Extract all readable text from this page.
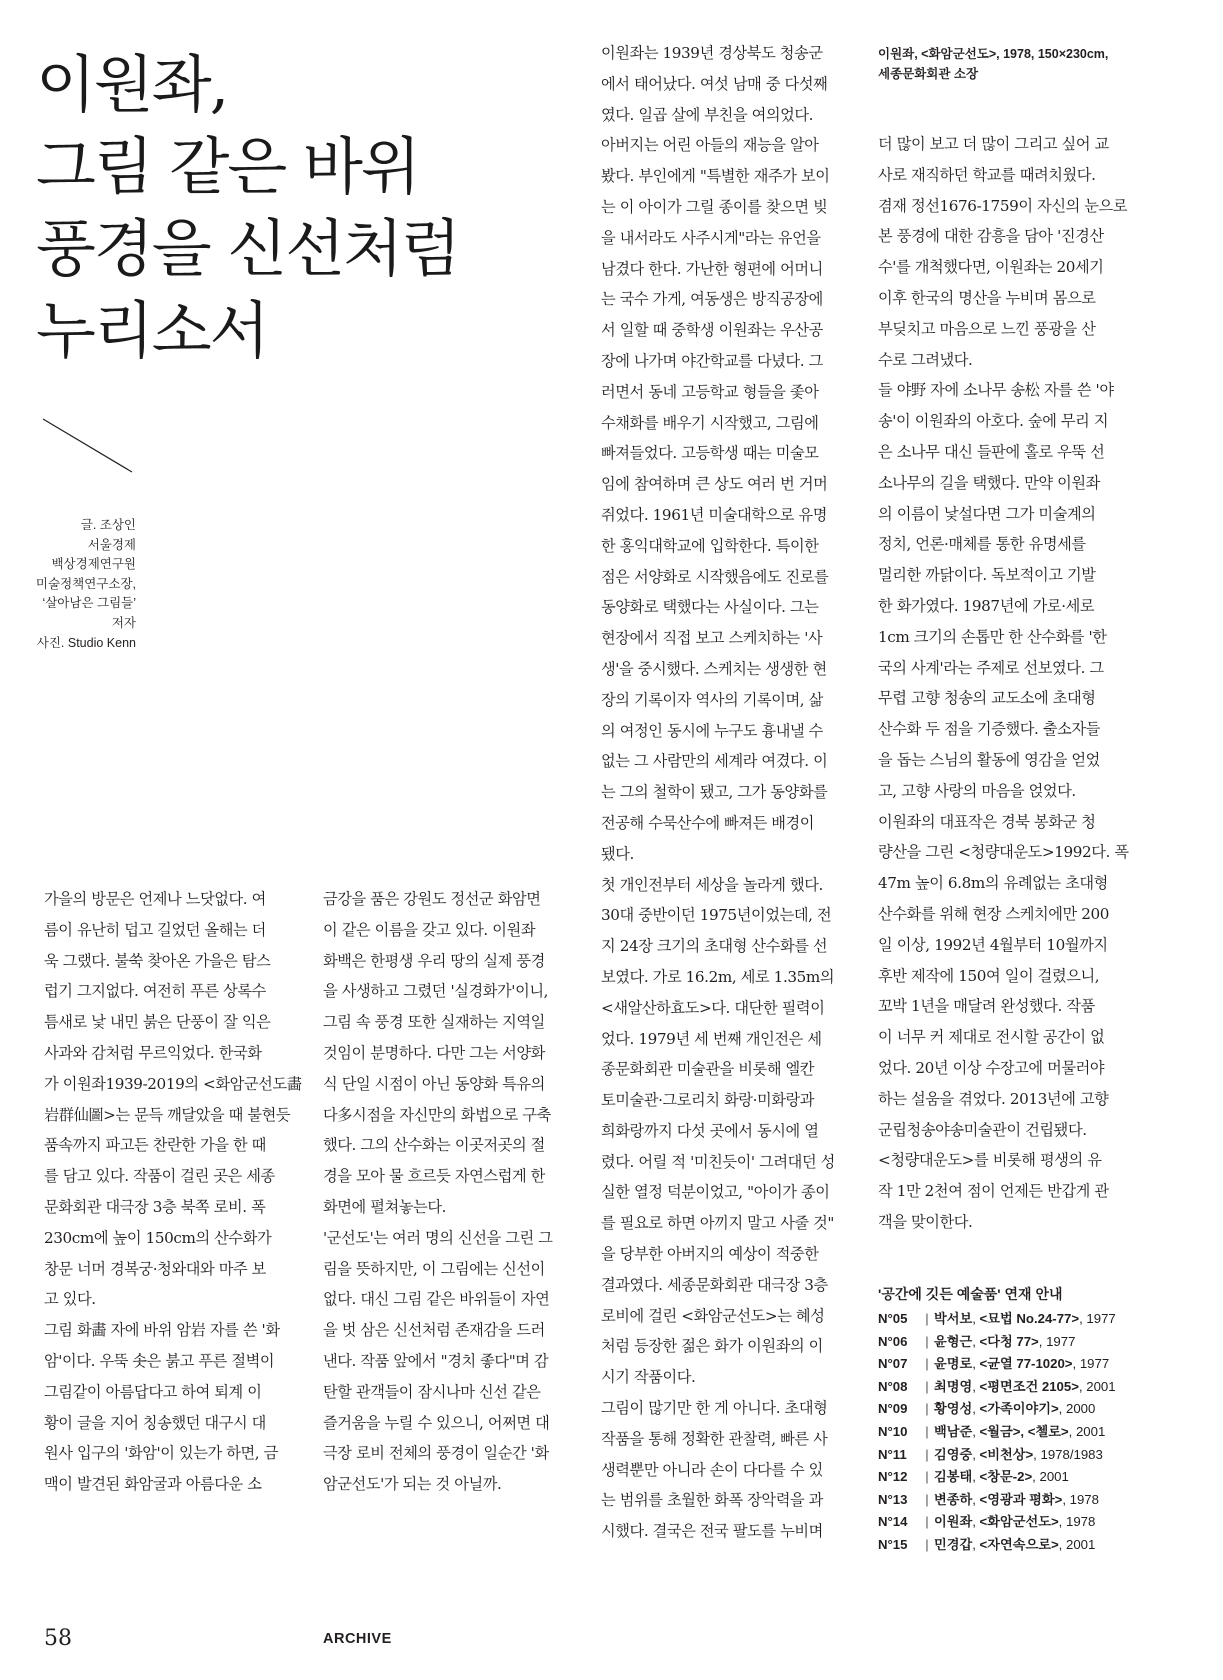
이원좌,
그림 같은 바위
풍경을 신선처럼
누리소서
글. 조상인
서울경제
백상경제연구원
미술정책연구소장,
‘살아남은 그림들’
저자
사진. Studio Kenn
이원좌, <화암군선도>, 1978, 150×230cm,
세종문화회관 소장
가을의 방문은 언제나 느닷없다. 여
름이 유난히 덥고 길었던 올해는 더
욱 그랬다. 불쑥 찾아온 가을은 탐스
럽기 그지없다. 여전히 푸른 상록수
틈새로 낯 내민 붉은 단풍이 잘 익은
사과와 감처럼 무르익었다. 한국화
가 이원좌1939-2019의 <화암군선도畵
岩群仙圖>는 문득 깨달았을 때 불현듯
품속까지 파고든 찬란한 가을 한 때
를 담고 있다. 작품이 걸린 곳은 세종
문화회관 대극장 3층 북쪽 로비. 폭
230cm에 높이 150cm의 산수화가
창문 너머 경복궁·청와대와 마주 보
고 있다.
그림 화畵 자에 바위 암岩 자를 쓴 '화
암'이다. 우뚝 솟은 붉고 푸른 절벽이
그림같이 아름답다고 하여 퇴계 이
황이 글을 지어 칭송했던 대구시 대
원사 입구의 '화암'이 있는가 하면, 금
맥이 발견된 화암굴과 아름다운 소
금강을 품은 강원도 정선군 화암면
이 같은 이름을 갖고 있다. 이원좌
화백은 한평생 우리 땅의 실제 풍경
을 사생하고 그렸던 '실경화가'이니,
그림 속 풍경 또한 실재하는 지역일
것임이 분명하다. 다만 그는 서양화
식 단일 시점이 아닌 동양화 특유의
다多시점을 자신만의 화법으로 구축
했다. 그의 산수화는 이곳저곳의 절
경을 모아 물 흐르듯 자연스럽게 한
화면에 펼쳐놓는다.
'군선도'는 여러 명의 신선을 그린 그
림을 뜻하지만, 이 그림에는 신선이
없다. 대신 그림 같은 바위들이 자연
을 벗 삼은 신선처럼 존재감을 드러
낸다. 작품 앞에서 "경치 좋다"며 감
탄할 관객들이 잠시나마 신선 같은
즐거움을 누릴 수 있으니, 어쩌면 대
극장 로비 전체의 풍경이 일순간 '화
암군선도'가 되는 것 아닐까.
이원좌는 1939년 경상북도 청송군
에서 태어났다. 여섯 남매 중 다섯째
였다. 일곱 살에 부친을 여의었다.
아버지는 어린 아들의 재능을 알아
봤다. 부인에게 "특별한 재주가 보이
는 이 아이가 그릴 종이를 찾으면 빚
을 내서라도 사주시게"라는 유언을
남겼다 한다. 가난한 형편에 어머니
는 국수 가게, 여동생은 방직공장에
서 일할 때 중학생 이원좌는 우산공
장에 나가며 야간학교를 다녔다. 그
러면서 동네 고등학교 형들을 좇아
수채화를 배우기 시작했고, 그림에
빠져들었다. 고등학생 때는 미술모
임에 참여하며 큰 상도 여러 번 거머
쥐었다. 1961년 미술대학으로 유명
한 홍익대학교에 입학한다. 특이한
점은 서양화로 시작했음에도 진로를
동양화로 택했다는 사실이다. 그는
현장에서 직접 보고 스케치하는 '사
생'을 중시했다. 스케치는 생생한 현
장의 기록이자 역사의 기록이며, 삶
의 여정인 동시에 누구도 흉내낼 수
없는 그 사람만의 세계라 여겼다. 이
는 그의 철학이 됐고, 그가 동양화를
전공해 수묵산수에 빠져든 배경이
됐다.
첫 개인전부터 세상을 놀라게 했다.
30대 중반이던 1975년이었는데, 전
지 24장 크기의 초대형 산수화를 선
보였다. 가로 16.2m, 세로 1.35m의
<새알산하효도>다. 대단한 필력이
었다. 1979년 세 번째 개인전은 세
종문화회관 미술관을 비롯해 엘칸
토미술관·그로리치 화랑·미화랑과
희화랑까지 다섯 곳에서 동시에 열
렸다. 어릴 적 '미친듯이' 그려대던 성
실한 열정 덕분이었고, "아이가 종이
를 필요로 하면 아끼지 말고 사줄 것"
을 당부한 아버지의 예상이 적중한
결과였다. 세종문화회관 대극장 3층
로비에 걸린 <화암군선도>는 혜성
처럼 등장한 젊은 화가 이원좌의 이
시기 작품이다.
그림이 많기만 한 게 아니다. 초대형
작품을 통해 정확한 관찰력, 빠른 사
생력뿐만 아니라 손이 다다를 수 있
는 범위를 초월한 화폭 장악력을 과
시했다. 결국은 전국 팔도를 누비며
더 많이 보고 더 많이 그리고 싶어 교
사로 재직하던 학교를 때려치웠다.
겸재 정선1676-1759이 자신의 눈으로
본 풍경에 대한 감흥을 담아 '진경산
수'를 개척했다면, 이원좌는 20세기
이후 한국의 명산을 누비며 몸으로
부딪치고 마음으로 느낀 풍광을 산
수로 그려냈다.
들 야野 자에 소나무 송松 자를 쓴 '야
송'이 이원좌의 아호다. 숲에 무리 지
은 소나무 대신 들판에 홀로 우뚝 선
소나무의 길을 택했다. 만약 이원좌
의 이름이 낯설다면 그가 미술계의
정치, 언론·매체를 통한 유명세를
멀리한 까닭이다. 독보적이고 기발
한 화가였다. 1987년에 가로·세로
1cm 크기의 손톱만 한 산수화를 '한
국의 사계'라는 주제로 선보였다. 그
무렵 고향 청송의 교도소에 초대형
산수화 두 점을 기증했다. 출소자들
을 돕는 스님의 활동에 영감을 얻었
고, 고향 사랑의 마음을 얹었다.
이원좌의 대표작은 경북 봉화군 청
량산을 그린 <청량대운도>1992다. 폭
47m 높이 6.8m의 유례없는 초대형
산수화를 위해 현장 스케치에만 200
일 이상, 1992년 4월부터 10월까지
후반 제작에 150여 일이 걸렸으니,
꼬박 1년을 매달려 완성했다. 작품
이 너무 커 제대로 전시할 공간이 없
었다. 20년 이상 수장고에 머물러야
하는 설움을 겪었다. 2013년에 고향
군립청송야송미술관이 건립됐다.
<청량대운도>를 비롯해 평생의 유
작 1만 2천여 점이 언제든 반갑게 관
객을 맞이한다.
'공간에 깃든 예술품' 연재 안내
N°05 | 박서보, <묘법 No.24-77>, 1977
N°06 | 윤형근, <다청 77>, 1977
N°07 | 윤명로, <균열 77-1020>, 1977
N°08 | 최명영, <평면조건 2105>, 2001
N°09 | 황영성, <가족이야기>, 2000
N°10 | 백남준, <월금>, <첼로>, 2001
N°11 | 김영중, <비천상>, 1978/1983
N°12 | 김봉태, <창문-2>, 2001
N°13 | 변종하, <영광과 평화>, 1978
N°14 | 이원좌, <화암군선도>, 1978
N°15 | 민경갑, <자연속으로>, 2001
58	ARCHIVE
